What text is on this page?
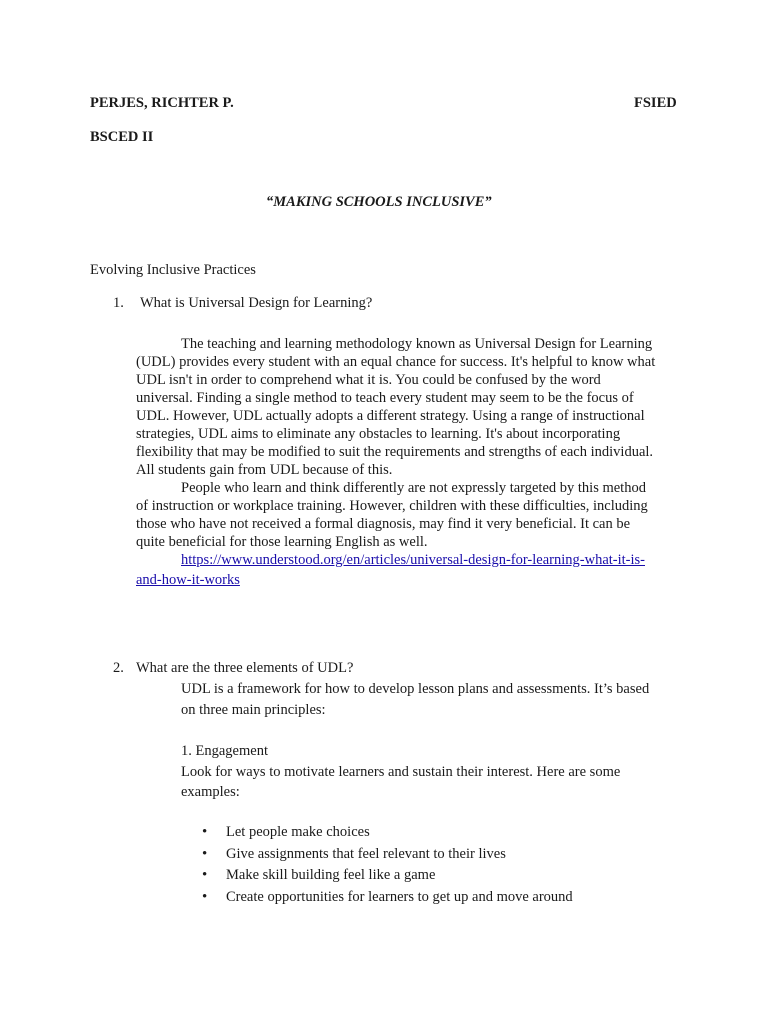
PERJES, RICHTER P.	FSIED
BSCED II
“MAKING SCHOOLS INCLUSIVE”
Evolving Inclusive Practices
1. What is Universal Design for Learning?
The teaching and learning methodology known as Universal Design for Learning
(UDL) provides every student with an equal chance for success. It's helpful to know what
UDL isn't in order to comprehend what it is. You could be confused by the word
universal. Finding a single method to teach every student may seem to be the focus of
UDL. However, UDL actually adopts a different strategy. Using a range of instructional
strategies, UDL aims to eliminate any obstacles to learning. It's about incorporating
flexibility that may be modified to suit the requirements and strengths of each individual.
All students gain from UDL because of this.
People who learn and think differently are not expressly targeted by this method
of instruction or workplace training. However, children with these difficulties, including
those who have not received a formal diagnosis, may find it very beneficial. It can be
quite beneficial for those learning English as well.
https://www.understood.org/en/articles/universal-design-for-learning-what-it-is-
and-how-it-works
2. What are the three elements of UDL?
UDL is a framework for how to develop lesson plans and assessments. It’s based
on three main principles:
1. Engagement
Look for ways to motivate learners and sustain their interest. Here are some
examples:
• Let people make choices
• Give assignments that feel relevant to their lives
• Make skill building feel like a game
• Create opportunities for learners to get up and move around
